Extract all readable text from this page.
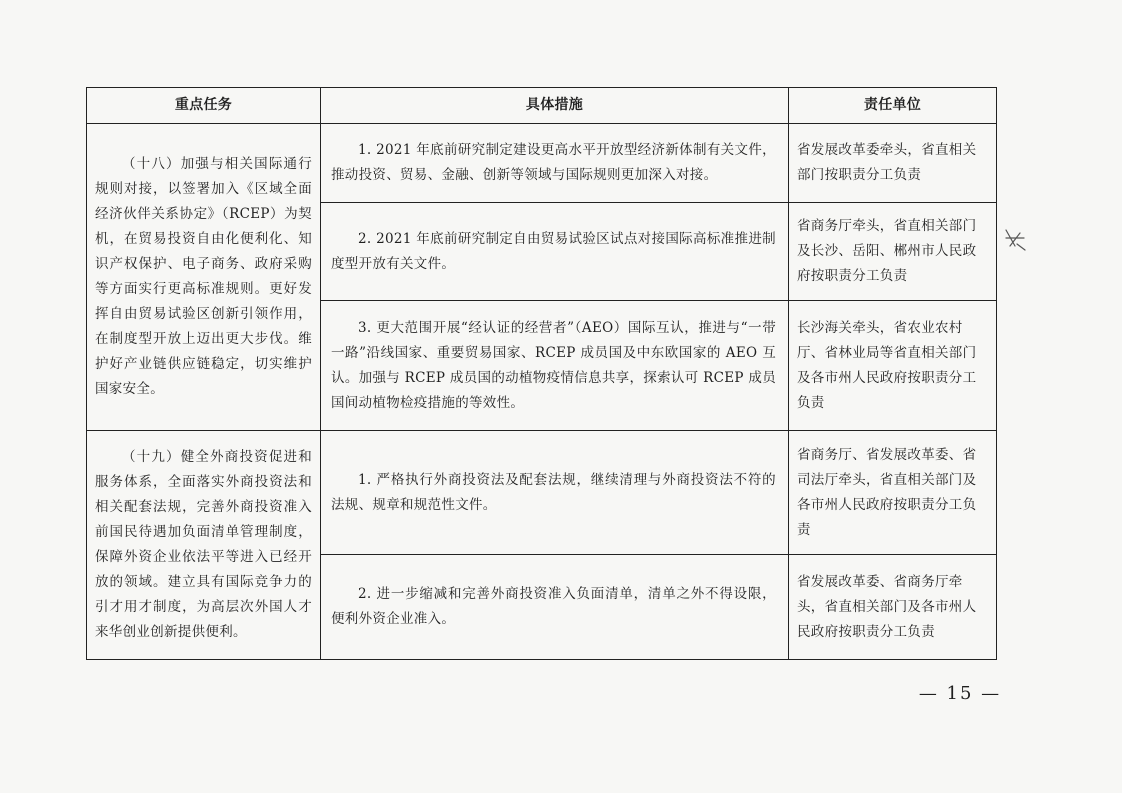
重点任务	具体措施	责任单位
（十八）加强与相关国际通行规则对接，以签署加入《区域全面经济伙伴关系协定》（RCEP）为契机，在贸易投资自由化便利化、知识产权保护、电子商务、政府采购等方面实行更高标准规则。更好发挥自由贸易试验区创新引领作用，在制度型开放上迈出更大步伐。维护好产业链供应链稳定，切实维护国家安全。	1. 2021 年底前研究制定建设更高水平开放型经济新体制有关文件，推动投资、贸易、金融、创新等领域与国际规则更加深入对接。	省发展改革委牵头，省直相关部门按职责分工负责
	2. 2021 年底前研究制定自由贸易试验区试点对接国际高标准推进制度型开放有关文件。	省商务厅牵头，省直相关部门及长沙、岳阳、郴州市人民政府按职责分工负责
	3. 更大范围开展“经认证的经营者”（AEO）国际互认，推进与“一带一路”沿线国家、重要贸易国家、RCEP 成员国及中东欧国家的 AEO 互认。加强与 RCEP 成员国的动植物疫情信息共享，探索认可 RCEP 成员国间动植物检疫措施的等效性。	长沙海关牵头，省农业农村厅、省林业局等省直相关部门及各市州人民政府按职责分工负责
（十九）健全外商投资促进和服务体系，全面落实外商投资法和相关配套法规，完善外商投资准入前国民待遇加负面清单管理制度，保障外资企业依法平等进入已经开放的领域。建立具有国际竞争力的引才用才制度，为高层次外国人才来华创业创新提供便利。	1. 严格执行外商投资法及配套法规，继续清理与外商投资法不符的法规、规章和规范性文件。	省商务厅、省发展改革委、省司法厅牵头，省直相关部门及各市州人民政府按职责分工负责
	2. 进一步缩减和完善外商投资准入负面清单，清单之外不得设限，便利外资企业准入。	省发展改革委、省商务厅牵头，省直相关部门及各市州人民政府按职责分工负责
— 15 —
